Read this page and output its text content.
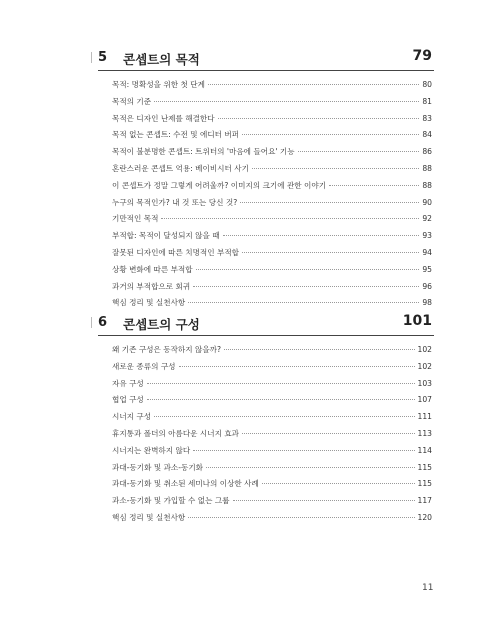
5 콘셉트의 목적	79
목적: 명확성을 위한 첫 단계	80
목적의 기준	81
목적은 디자인 난제를 해결한다	83
목적 없는 콘셉트: 수전 및 에디터 버퍼	84
목적이 불분명한 콘셉트: 트위터의 '마음에 들어요' 기능	86
혼란스러운 콘셉트 억용: 베이비시터 사기	88
이 콘셉트가 정말 그렇게 어려울까? 이미지의 크기에 관한 이야기	88
누구의 목적인가? 내 것 또는 당신 것?	90
기만적인 목적	92
부적합: 목적이 달성되지 않을 때	93
잘못된 디자인에 따른 치명적인 부적합	94
상황 변화에 따른 부적합	95
과거의 부적합으로 회귀	96
핵심 정리 및 실천사항	98
6 콘셉트의 구성	101
왜 기존 구성은 동작하지 않을까?	102
새로운 종류의 구성	102
자유 구성	103
협업 구성	107
시너지 구성	111
휴지통과 폴더의 아름다운 시너지 효과	113
시너지는 완벽하지 않다	114
과대-동기화 및 과소-동기화	115
과대-동기화 및 취소된 세미나의 이상한 사례	115
과소-동기화 및 가입할 수 없는 그룹	117
핵심 정리 및 실천사항	120
11
